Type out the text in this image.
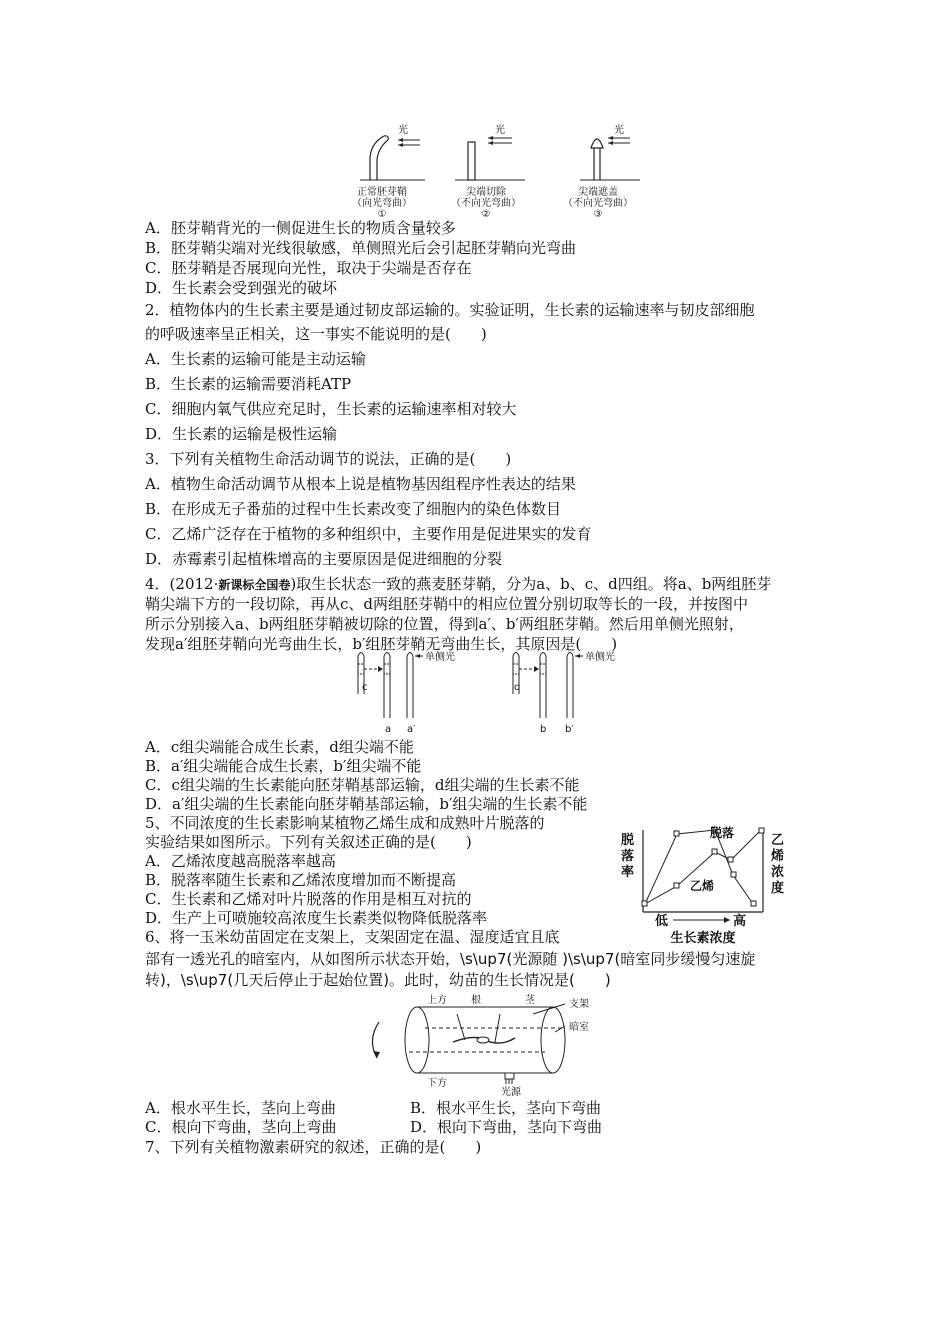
光	光	光
正常胚芽鞘
（向光弯曲）
①
尖端切除
（不向光弯曲）
②
尖端遮盖
（不向光弯曲）
③
A．胚芽鞘背光的一侧促进生长的物质含量较多
B．胚芽鞘尖端对光线很敏感，单侧照光后会引起胚芽鞘向光弯曲
C．胚芽鞘是否展现向光性，取决于尖端是否存在
D．生长素会受到强光的破坏
2．植物体内的生长素主要是通过韧皮部运输的。实验证明，生长素的运输速率与韧皮部细胞
的呼吸速率呈正相关，这一事实不能说明的是(　　)
A．生长素的运输可能是主动运输
B．生长素的运输需要消耗ATP
C．细胞内氧气供应充足时，生长素的运输速率相对较大
D．生长素的运输是极性运输
3．下列有关植物生命活动调节的说法，正确的是(　　)
A．植物生命活动调节从根本上说是植物基因组程序性表达的结果
B．在形成无子番茄的过程中生长素改变了细胞内的染色体数目
C．乙烯广泛存在于植物的多种组织中，主要作用是促进果实的发育
D．赤霉素引起植株增高的主要原因是促进细胞的分裂
4．(2012·新课标全国卷)取生长状态一致的燕麦胚芽鞘，分为a、b、c、d四组。将a、b两组胚芽
鞘尖端下方的一段切除，再从c、d两组胚芽鞘中的相应位置分别切取等长的一段，并按图中
所示分别接入a、b两组胚芽鞘被切除的位置，得到a′、b′两组胚芽鞘。然后用单侧光照射，
发现a′组胚芽鞘向光弯曲生长，b′组胚芽鞘无弯曲生长，其原因是(　　)
c
单侧光
a a′
d
单侧光
b b′
A．c组尖端能合成生长素，d组尖端不能
B．a′组尖端能合成生长素，b′组尖端不能
C．c组尖端的生长素能向胚芽鞘基部运输，d组尖端的生长素不能
D．a′组尖端的生长素能向胚芽鞘基部运输，b′组尖端的生长素不能
5、不同浓度的生长素影响某植物乙烯生成和成熟叶片脱落的
实验结果如图所示。下列有关叙述正确的是(　　)
A．乙烯浓度越高脱落率越高
B．脱落率随生长素和乙烯浓度增加而不断提高
C．生长素和乙烯对叶片脱落的作用是相互对抗的
D．生产上可喷施较高浓度生长素类似物降低脱落率
脱
落
率
乙
烯
浓
度
脱落
乙烯
低	高
生长素浓度
6、将一玉米幼苗固定在支架上，支架固定在温、湿度适宜且底
部有一透光孔的暗室内，从如图所示状态开始，\s\up7(光源随 )\s\up7(暗室同步缓慢匀速旋
转)，\s\up7(几天后停止于起始位置)。此时，幼苗的生长情况是(　　)
上方 根	茎	支架
暗室
下方
光源
A．根水平生长，茎向上弯曲	B．根水平生长，茎向下弯曲
C．根向下弯曲，茎向上弯曲	D．根向下弯曲，茎向下弯曲
7、下列有关植物激素研究的叙述，正确的是(　　)
